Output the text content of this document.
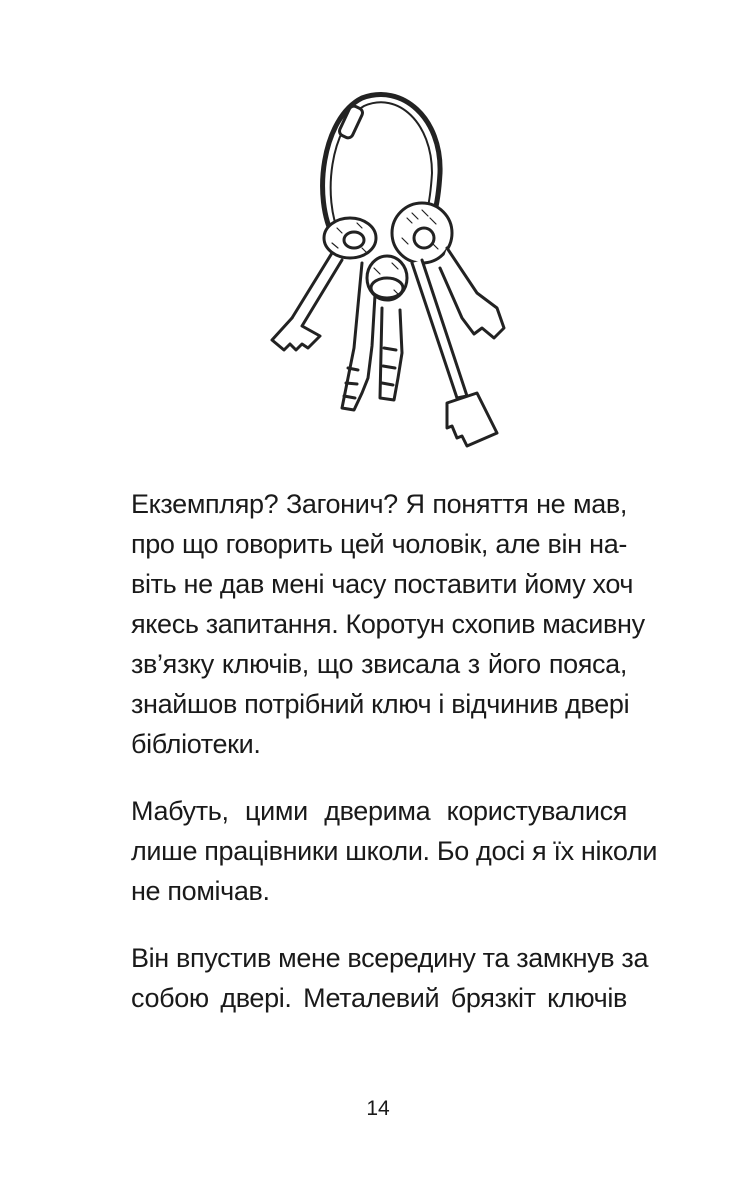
Екземпляр? Загонич? Я поняття не мав,
про що говорить цей чоловік, але він на-
віть не дав мені часу поставити йому хоч
якесь запитання. Коротун схопив масивну
зв’язку ключів, що звисала з його пояса,
знайшов потрібний ключ і відчинив двері
бібліотеки.

Мабуть, цими дверима користувалися
лише працівники школи. Бо досі я їх ніколи
не помічав.

Він впустив мене всередину та замкнув за
собою двері. Металевий брязкіт ключів

14
